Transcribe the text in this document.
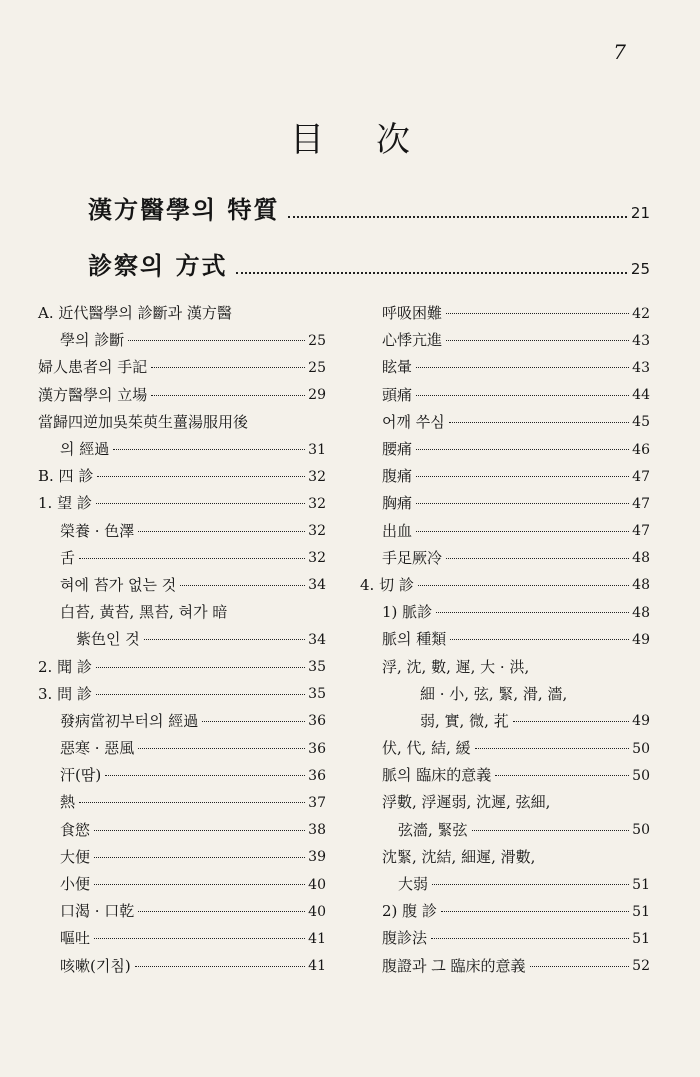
7
目次
漢方醫學의 特質	21
診察의 方式	25
A. 近代醫學의 診斷과 漢方醫
學의 診斷	25
婦人患者의 手記	25
漢方醫學의 立場	29
當歸四逆加吳茱萸生薑湯服用後
의 經過	31
B. 四 診	32
1. 望 診	32
榮養 · 色澤	32
舌	32
혀에 苔가 없는 것	34
白苔, 黃苔, 黑苔, 혀가 暗
紫色인 것	34
2. 聞 診	35
3. 問 診	35
發病當初부터의 經過	36
惡寒 · 惡風	36
汗(땀)	36
熱	37
食慾	38
大便	39
小便	40
口渴 · 口乾	40
嘔吐	41
咳嗽(기침)	41
呼吸困難	42
心悸亢進	43
眩暈	43
頭痛	44
어깨 쑤심	45
腰痛	46
腹痛	47
胸痛	47
出血	47
手足厥冷	48
4. 切 診	48
1) 脈診	48
脈의 種類	49
浮, 沈, 數, 遲, 大 · 洪,
細 · 小, 弦, 緊, 滑, 濇,
弱, 實, 微, 芤	49
伏, 代, 結, 緩	50
脈의 臨床的意義	50
浮數, 浮遲弱, 沈遲, 弦細,
弦濇, 緊弦	50
沈緊, 沈結, 細遲, 滑數,
大弱	51
2) 腹 診	51
腹診法	51
腹證과 그 臨床的意義	52
